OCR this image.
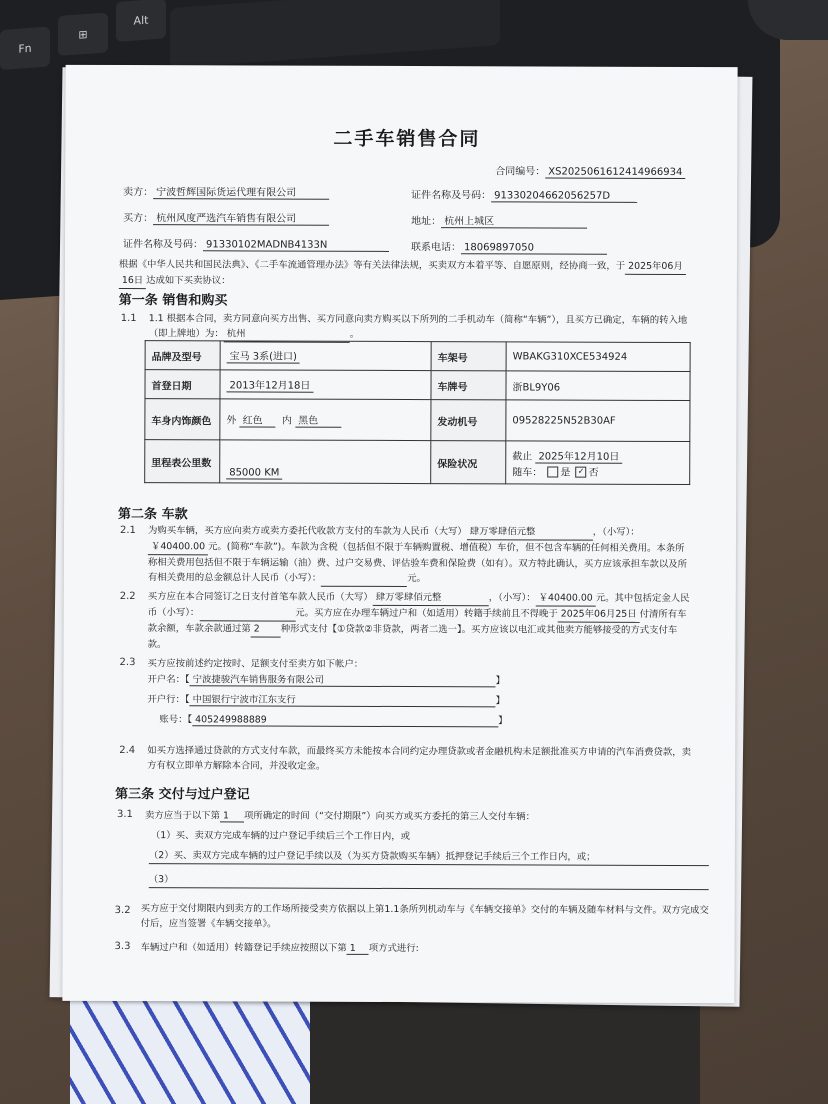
Fn
⊞
Alt
二手车销售合同
合同编号： XS2025061612414966934
卖方： 宁波哲辉国际货运代理有限公司	证件名称及号码： 91330204662056257D
买方： 杭州风度严选汽车销售有限公司	地址： 杭州上城区
证件名称及号码： 91330102MADNB4133N	联系电话： 18069897050
根据《中华人民共和国民法典》、《二手车流通管理办法》等有关法律法规，买卖双方本着平等、自愿原则，经协商一致，于 2025年06月
16日 达成如下买卖协议：
第一条 销售和购买
1.1 1.1 根据本合同，卖方同意向买方出售、买方同意向卖方购买以下所列的二手机动车（简称“车辆”），且买方已确定，车辆的转入地
（即上牌地）为： 杭州	。
品牌及型号	宝马 3系(进口)	车架号	WBAKG310XCE534924
首登日期	2013年12月18日	车牌号	浙BL9Y06
车身内饰颜色	外 红色 内 黑色	发动机号	09528225N52B30AF
里程表公里数	85000 KM	保险状况	截止 2025年12月10日
随车： 是 ✓ 否
第二条 车款
2.1 为购买车辆，买方应向卖方或卖方委托代收款方支付的车款为人民币（大写） 肆万零肆佰元整	，（小写）： ￥40400.00 元。(简称“车款”)。车款为含税（包括但不限于车辆购置税、增值税）车价，但不包含车辆的任何相关费用。本条所称相关费用包括但不限于车辆运输（油）费、过户交易费、评估验车费和保险费（如有）。双方特此确认，买方应该承担车款以及所有相关费用的总金额总计人民币（小写）：	元。
2.2 买方应在本合同签订之日支付首笔车款人民币（大写） 肆万零肆佰元整	，（小写）： ￥40400.00 元。其中包括定金人民币（小写）：	元。买方应在办理车辆过户和（如适用）转籍手续前且不得晚于 2025年06月25日 付清所有车款余额，车款余款通过第 2 种形式支付【①贷款②非贷款，两者二选一】。买方应该以电汇或其他卖方能够接受的方式支付车款。
2.3 买方应按前述约定按时、足额支付至卖方如下帐户：
开户名：【 宁波捷骏汽车销售服务有限公司	】
开户行：【 中国银行宁波市江东支行	】
账号：【 405249988889	】
2.4 如买方选择通过贷款的方式支付车款，而最终买方未能按本合同约定办理贷款或者金融机构未足额批准买方申请的汽车消费贷款，卖方有权立即单方解除本合同，并没收定金。
第三条 交付与过户登记
3.1 卖方应当于以下第 1 项所确定的时间（“交付期限”）向买方或买方委托的第三人交付车辆：
（1）买、卖双方完成车辆的过户登记手续后三个工作日内，或
（2）买、卖双方完成车辆的过户登记手续以及（为买方贷款购买车辆）抵押登记手续后三个工作日内，或；
（3）
3.2 买方应于交付期限内到卖方的工作场所接受卖方依据以上第1.1条所列机动车与《车辆交接单》交付的车辆及随车材料与文件。双方完成交付后，应当签署《车辆交接单》。
3.3 车辆过户和（如适用）转籍登记手续应按照以下第 1 项方式进行:
